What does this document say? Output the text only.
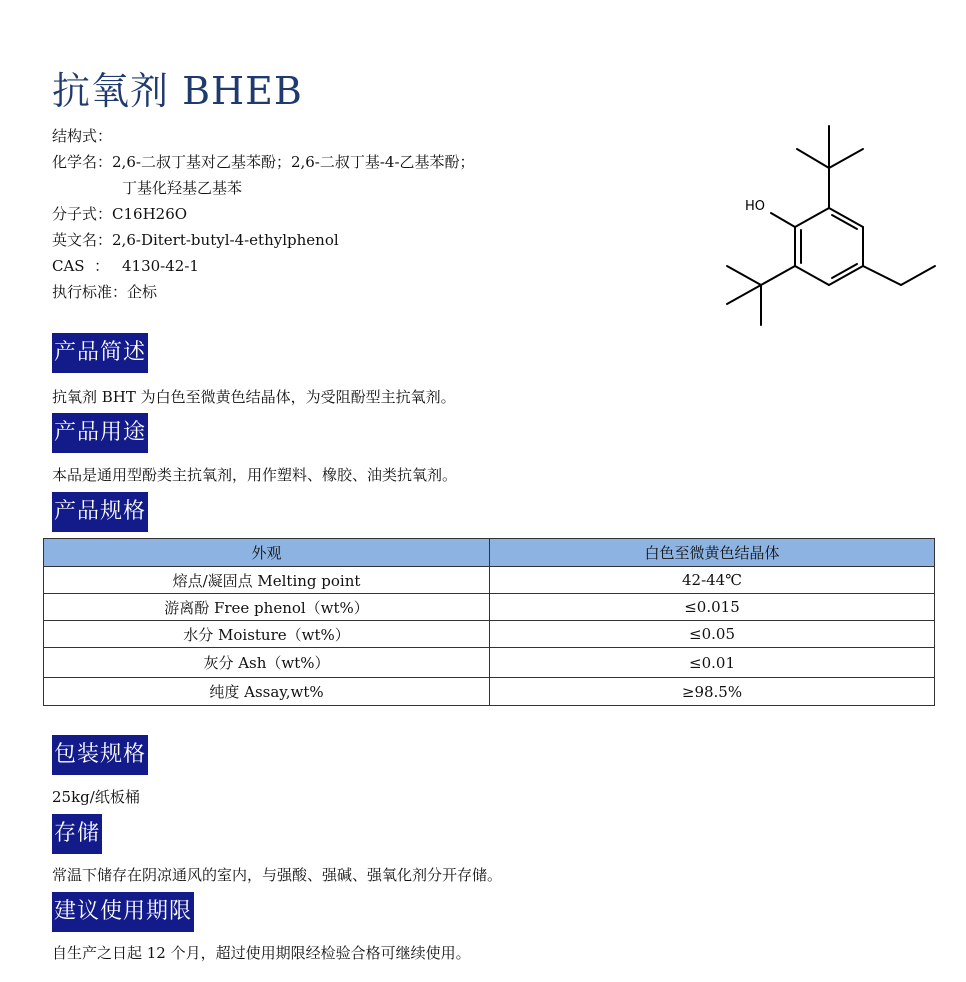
抗氧剂 BHEB
结构式：
化学名：2,6-二叔丁基对乙基苯酚；2,6-二叔丁基-4-乙基苯酚；
丁基化羟基乙基苯
分子式：C16H26O
英文名：2,6-Ditert-butyl-4-ethylphenol
CAS  ： 4130-42-1
执行标准：企标
HO
产品简述
抗氧剂 BHT 为白色至微黄色结晶体，为受阻酚型主抗氧剂。
产品用途
本品是通用型酚类主抗氧剂，用作塑料、橡胶、油类抗氧剂。
产品规格
外观	白色至微黄色结晶体
熔点/凝固点 Melting point	42-44℃
游离酚 Free phenol（wt%）	≤0.015
水分 Moisture（wt%）	≤0.05
灰分 Ash（wt%）	≤0.01
纯度 Assay,wt%	≥98.5%
包装规格
25kg/纸板桶
存储
常温下储存在阴凉通风的室内，与强酸、强碱、强氧化剂分开存储。
建议使用期限
自生产之日起 12 个月，超过使用期限经检验合格可继续使用。
